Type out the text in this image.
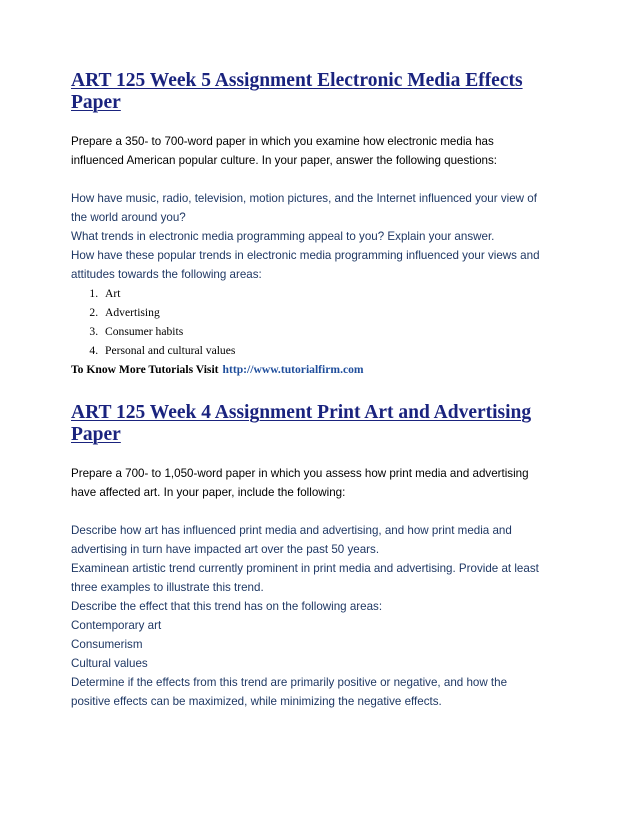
ART 125 Week 5 Assignment Electronic Media Effects
Paper

Prepare a 350- to 700-word paper in which you examine how electronic media has
influenced American popular culture. In your paper, answer the following questions:

How have music, radio, television, motion pictures, and the Internet influenced your view of
the world around you?
What trends in electronic media programming appeal to you? Explain your answer.
How have these popular trends in electronic media programming influenced your views and
attitudes towards the following areas:

1. Art
2. Advertising
3. Consumer habits
4. Personal and cultural values

To Know More Tutorials Visit http://www.tutorialfirm.com

ART 125 Week 4 Assignment Print Art and Advertising
Paper

Prepare a 700- to 1,050-word paper in which you assess how print media and advertising
have affected art. In your paper, include the following:

Describe how art has influenced print media and advertising, and how print media and
advertising in turn have impacted art over the past 50 years.
Examinean artistic trend currently prominent in print media and advertising. Provide at least
three examples to illustrate this trend.
Describe the effect that this trend has on the following areas:
Contemporary art
Consumerism
Cultural values
Determine if the effects from this trend are primarily positive or negative, and how the
positive effects can be maximized, while minimizing the negative effects.
